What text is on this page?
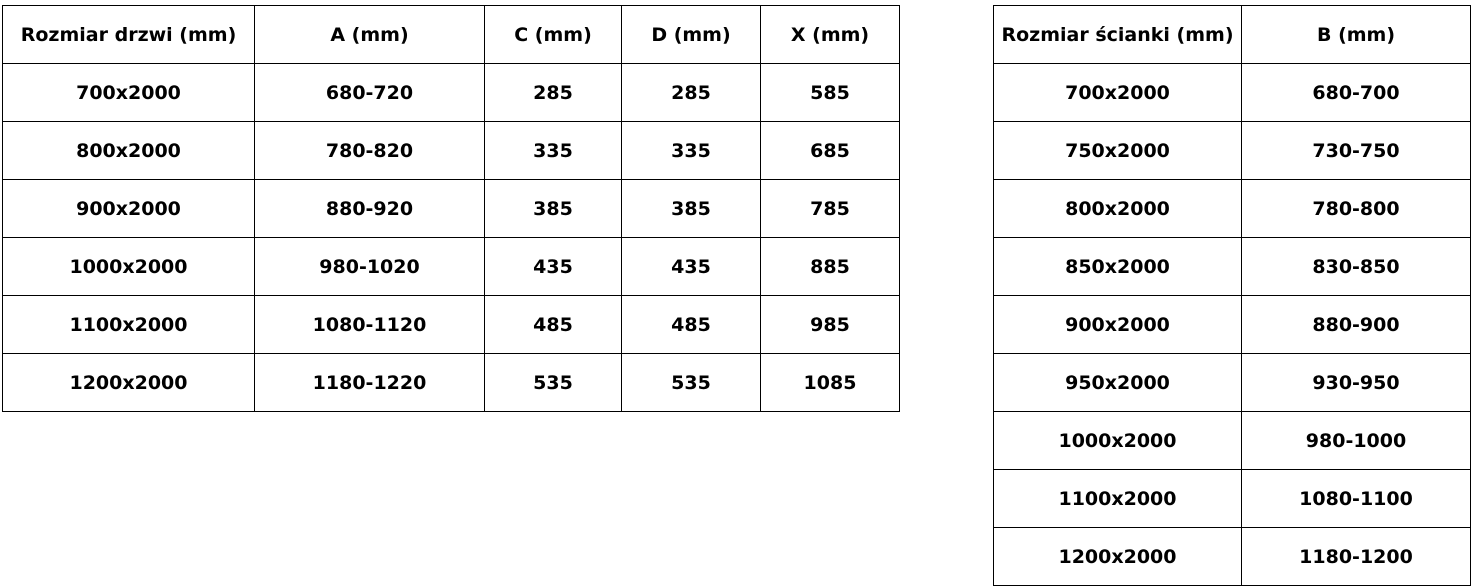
Rozmiar drzwi (mm)	A (mm)	C (mm)	D (mm)	X (mm)
700x2000	680-720	285	285	585
800x2000	780-820	335	335	685
900x2000	880-920	385	385	785
1000x2000	980-1020	435	435	885
1100x2000	1080-1120	485	485	985
1200x2000	1180-1220	535	535	1085
Rozmiar ścianki (mm)	B (mm)
700x2000	680-700
750x2000	730-750
800x2000	780-800
850x2000	830-850
900x2000	880-900
950x2000	930-950
1000x2000	980-1000
1100x2000	1080-1100
1200x2000	1180-1200
